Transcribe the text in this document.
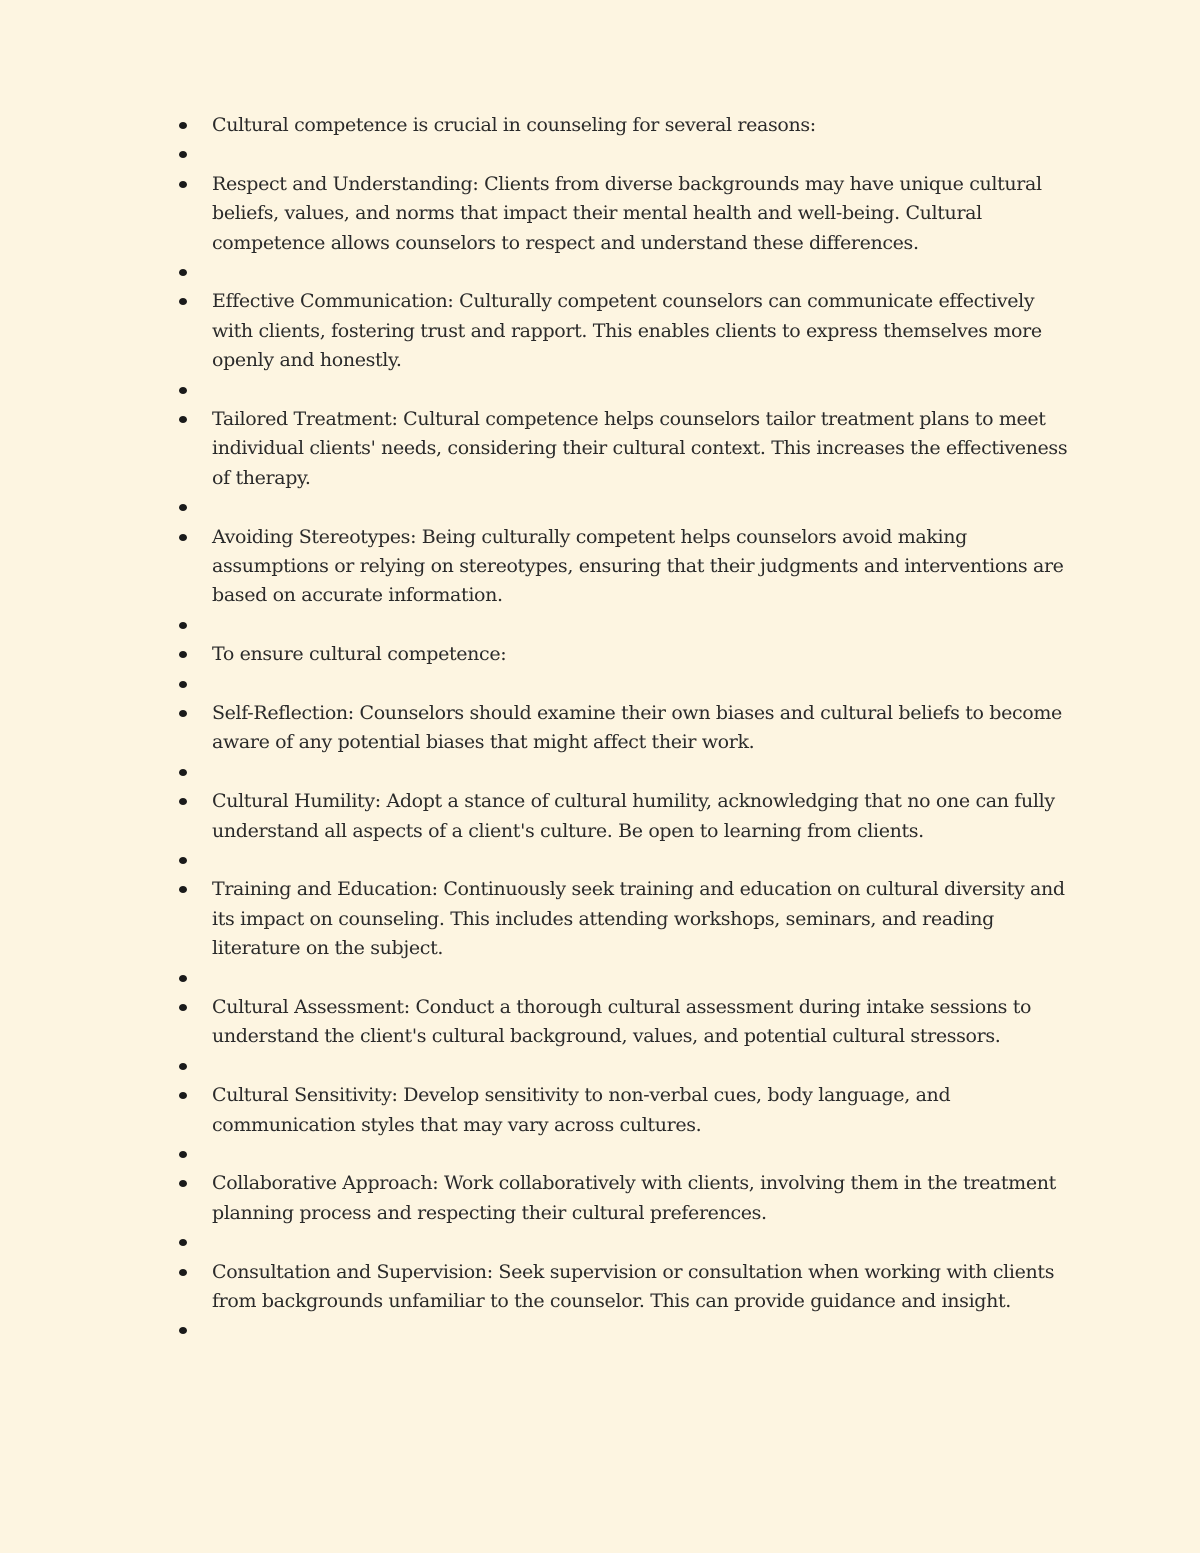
Cultural competence is crucial in counseling for several reasons:
Respect and Understanding: Clients from diverse backgrounds may have unique cultural beliefs, values, and norms that impact their mental health and well-being. Cultural competence allows counselors to respect and understand these differences.
Effective Communication: Culturally competent counselors can communicate effectively with clients, fostering trust and rapport. This enables clients to express themselves more openly and honestly.
Tailored Treatment: Cultural competence helps counselors tailor treatment plans to meet individual clients' needs, considering their cultural context. This increases the effectiveness of therapy.
Avoiding Stereotypes: Being culturally competent helps counselors avoid making assumptions or relying on stereotypes, ensuring that their judgments and interventions are based on accurate information.
To ensure cultural competence:
Self-Reflection: Counselors should examine their own biases and cultural beliefs to become aware of any potential biases that might affect their work.
Cultural Humility: Adopt a stance of cultural humility, acknowledging that no one can fully understand all aspects of a client's culture. Be open to learning from clients.
Training and Education: Continuously seek training and education on cultural diversity and its impact on counseling. This includes attending workshops, seminars, and reading literature on the subject.
Cultural Assessment: Conduct a thorough cultural assessment during intake sessions to understand the client's cultural background, values, and potential cultural stressors.
Cultural Sensitivity: Develop sensitivity to non-verbal cues, body language, and communication styles that may vary across cultures.
Collaborative Approach: Work collaboratively with clients, involving them in the treatment planning process and respecting their cultural preferences.
Consultation and Supervision: Seek supervision or consultation when working with clients from backgrounds unfamiliar to the counselor. This can provide guidance and insight.
